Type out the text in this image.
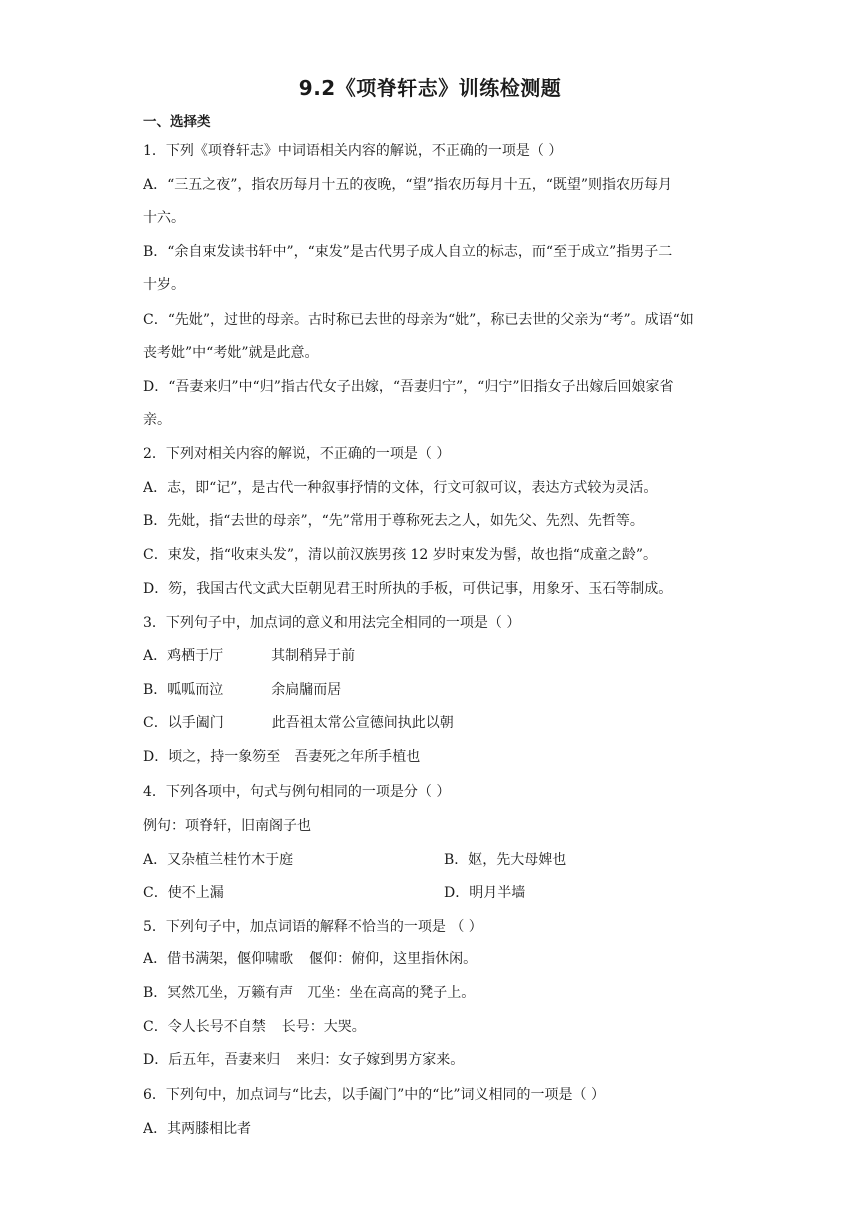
9.2《项脊轩志》训练检测题
一、选择类
1．下列《项脊轩志》中词语相关内容的解说，不正确的一项是（ ）
A．“三五之夜”，指农历每月十五的夜晚，“望”指农历每月十五，“既望”则指农历每月
十六。
B．“余自束发读书轩中”，“束发”是古代男子成人自立的标志，而“至于成立”指男子二
十岁。
C．“先妣”，过世的母亲。古时称已去世的母亲为“妣”，称已去世的父亲为“考”。成语“如
丧考妣”中“考妣”就是此意。
D．“吾妻来归”中“归”指古代女子出嫁，“吾妻归宁”，“归宁”旧指女子出嫁后回娘家省
亲。
2．下列对相关内容的解说，不正确的一项是（ ）
A．志，即“记”，是古代一种叙事抒情的文体，行文可叙可议，表达方式较为灵活。
B．先妣，指“去世的母亲”，“先”常用于尊称死去之人，如先父、先烈、先哲等。
C．束发，指“收束头发”，清以前汉族男孩 12 岁时束发为髻，故也指“成童之龄”。
D．笏，我国古代文武大臣朝见君王时所执的手板，可供记事，用象牙、玉石等制成。
3．下列句子中，加点词的意义和用法完全相同的一项是（ ）
A．鸡栖于厅	其制稍异于前
B．呱呱而泣	余扃牖而居
C．以手阖门	此吾祖太常公宣德间执此以朝
D．顷之，持一象笏至 吾妻死之年所手植也
4．下列各项中，句式与例句相同的一项是分（ ）
例句：项脊轩，旧南阁子也
A．又杂植兰桂竹木于庭	B．妪，先大母婢也
C．使不上漏	D．明月半墙
5．下列句子中，加点词语的解释不恰当的一项是 （ ）
A．借书满架，偃仰啸歌 偃仰：俯仰，这里指休闲。
B．冥然兀坐，万籁有声 兀坐：坐在高高的凳子上。
C．令人长号不自禁 长号：大哭。
D．后五年，吾妻来归 来归：女子嫁到男方家来。
6．下列句中，加点词与“比去，以手阖门”中的“比”词义相同的一项是（ ）
A．其两膝相比者
